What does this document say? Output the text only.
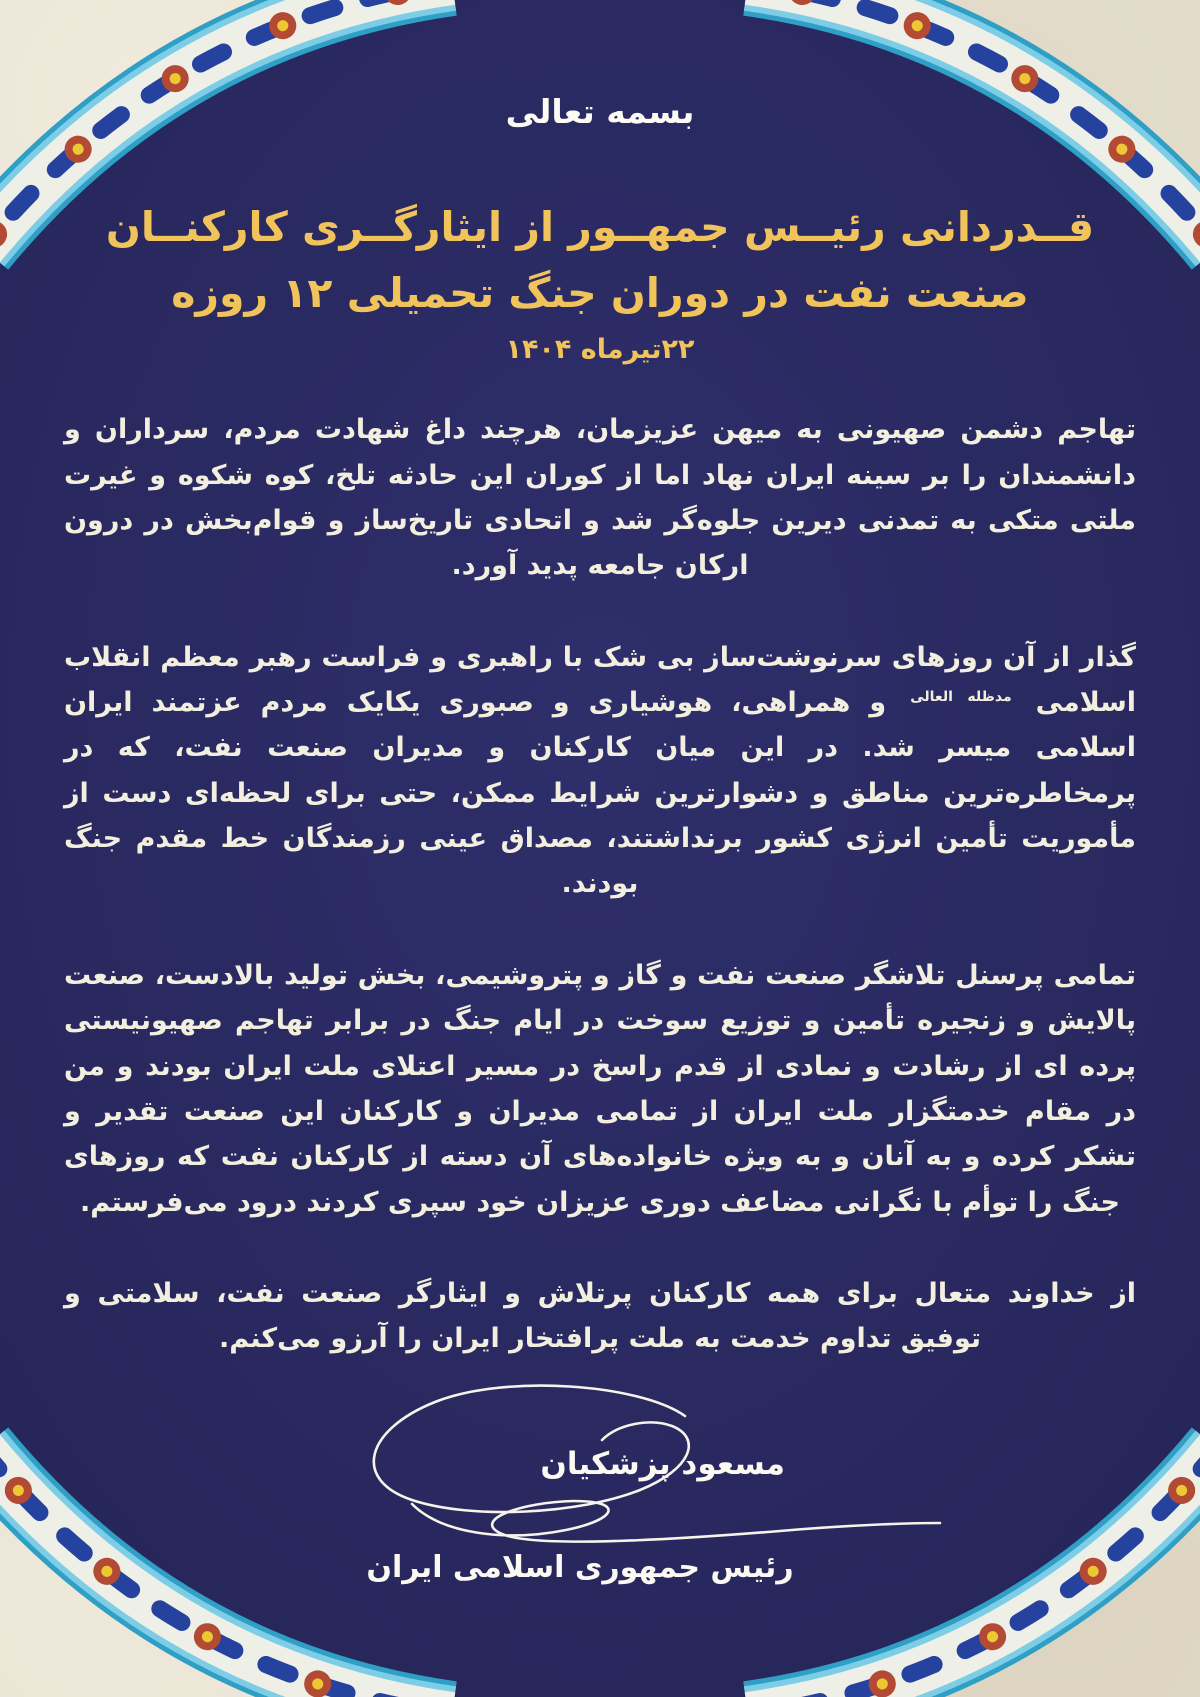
بسمه تعالی
قــدردانی رئیــس جمهــور از ایثارگــری کارکنــان
صنعت نفت در دوران جنگ تحمیلی ۱۲ روزه
۲۲تیرماه ۱۴۰۴

تهاجم دشمن صهیونی به میهن عزیزمان، هرچند داغ شهادت مردم، سرداران و دانشمندان را بر سینه ایران نهاد اما از کوران این حادثه تلخ، کوه شکوه و غیرت ملتی متکی به تمدنی دیرین جلوه‌گر شد و اتحادی تاریخ‌ساز و قوام‌بخش در درون ارکان جامعه پدید آورد.

گذار از آن روزهای سرنوشت‌ساز بی شک با راهبری و فراست رهبر معظم انقلاب اسلامی $^{مدظله العالی}$ و همراهی، هوشیاری و صبوری یکایک مردم عزتمند ایران اسلامی میسر شد. در این میان کارکنان و مدیران صنعت نفت، که در پرمخاطره‌ترین مناطق و دشوارترین شرایط ممکن، حتی برای لحظه‌ای دست از مأموریت تأمین انرژی کشور برنداشتند، مصداق عینی رزمندگان خط مقدم جنگ بودند.

تمامی پرسنل تلاشگر صنعت نفت و گاز و پتروشیمی، بخش تولید بالادست، صنعت پالایش و زنجیره تأمین و توزیع سوخت در ایام جنگ در برابر تهاجم صهیونیستی پرده ای از رشادت و نمادی از قدم راسخ در مسیر اعتلای ملت ایران بودند و من در مقام خدمتگزار ملت ایران از تمامی مدیران و کارکنان این صنعت تقدیر و تشکر کرده و به آنان و به ویژه خانواده‌های آن دسته از کارکنان نفت که روزهای جنگ را توأم با نگرانی مضاعف دوری عزیزان خود سپری کردند درود می‌فرستم.

از خداوند متعال برای همه کارکنان پرتلاش و ایثارگر صنعت نفت، سلامتی و توفیق تداوم خدمت به ملت پرافتخار ایران را آرزو می‌کنم.

مسعود پزشکیان
رئیس جمهوری اسلامی ایران
